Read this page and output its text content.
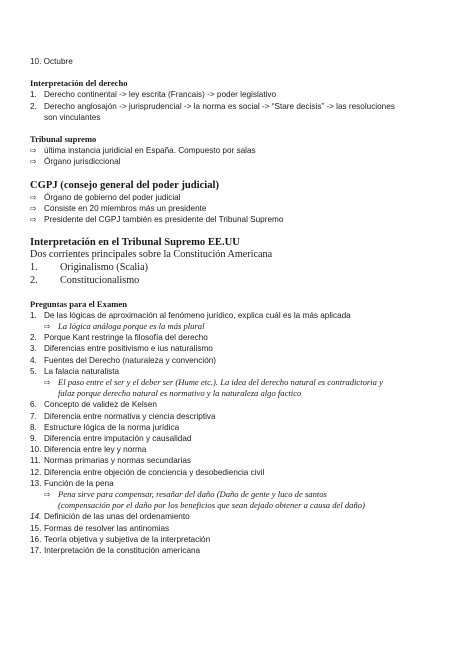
10. Octubre
Interpretación del derecho
1. Derecho continental -> ley escrita (Francais) -> poder legislativo
2. Derecho anglosajón -> jurisprudencial -> la norma es social -> “Stare decisis” -> las resoluciones
son vinculantes
Tribunal supremo
⇨ última instancia juridicial en España. Compuesto por salas
⇨ Órgano jurisdiccional
CGPJ (consejo general del poder judicial)
⇨ Órgano de gobierno del poder judicial
⇨ Consiste en 20 miembros más un presidente
⇨ Presidente del CGPJ también es presidente del Tribunal Supremo
Interpretación en el Tribunal Supremo EE.UU
Dos corrientes principales sobre la Constitución Americana
1. Originalismo (Scalia)
2. Constitucionalismo
Preguntas para el Examen
1. De las lógicas de aproximación al fenómeno jurídico, explica cuál es la más aplicada
⇨ La lógica análoga porque es la más plural
2. Porque Kant restringe la filosofía del derecho
3. Diferencias entre positivismo e ius naturalismo
4. Fuentes del Derecho (naturaleza y convención)
5. La falacia naturalista
⇨ El paso entre el ser y el deber ser (Hume etc.). La idea del derecho natural es contradictoria y
falaz porque derecho natural es normativo y la naturaleza algo factico
6. Concepto de validez de Kelsen
7. Diferencia entre normativa y ciencia descriptiva
8. Estructure lógica de la norma jurídica
9. Diferencia entre imputación y causalidad
10. Diferencia entre ley y norma
11. Normas primarias y normas secundarias
12. Diferencia entre objeción de conciencia y desobediencia civil
13. Función de la pena
⇨ Pena sirve para compensar, resañar del daño (Daño de gente y luco de santos
(compensación por el daño por los beneficios que sean dejado obtener a causa del daño)
14. Definición de las unas del ordenamiento
15. Formas de resolver las antinomias
16. Teoría objetiva y subjetiva de la interpretación
17. Interpretación de la constitución americana
